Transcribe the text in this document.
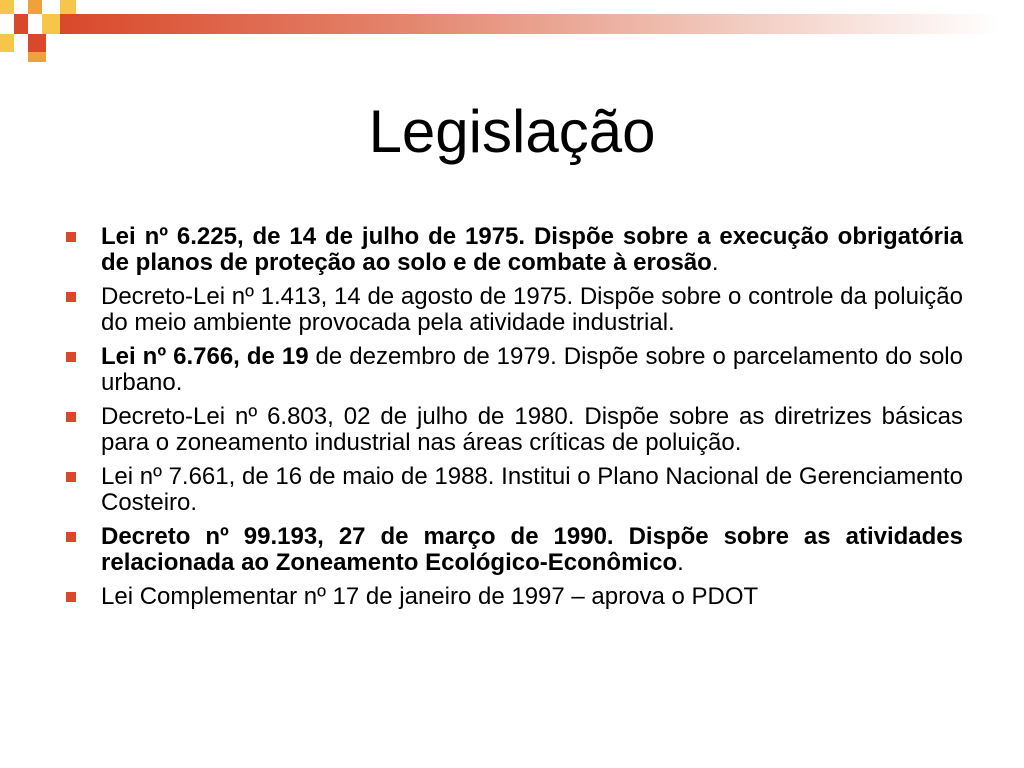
Legislação
Lei nº 6.225, de 14 de julho de 1975. Dispõe sobre a execução obrigatória de planos de proteção ao solo e de combate à erosão.
Decreto-Lei nº 1.413, 14 de agosto de 1975. Dispõe sobre o controle da poluição do meio ambiente provocada pela atividade industrial.
Lei nº 6.766, de 19 de dezembro de 1979. Dispõe sobre o parcelamento do solo urbano.
Decreto-Lei nº 6.803, 02 de julho de 1980. Dispõe sobre as diretrizes básicas para o zoneamento industrial nas áreas críticas de poluição.
Lei nº 7.661, de 16 de maio de 1988. Institui o Plano Nacional de Gerenciamento Costeiro.
Decreto nº 99.193, 27 de março de 1990. Dispõe sobre as atividades relacionada ao Zoneamento Ecológico-Econômico.
Lei Complementar nº 17 de janeiro de 1997 – aprova o PDOT
